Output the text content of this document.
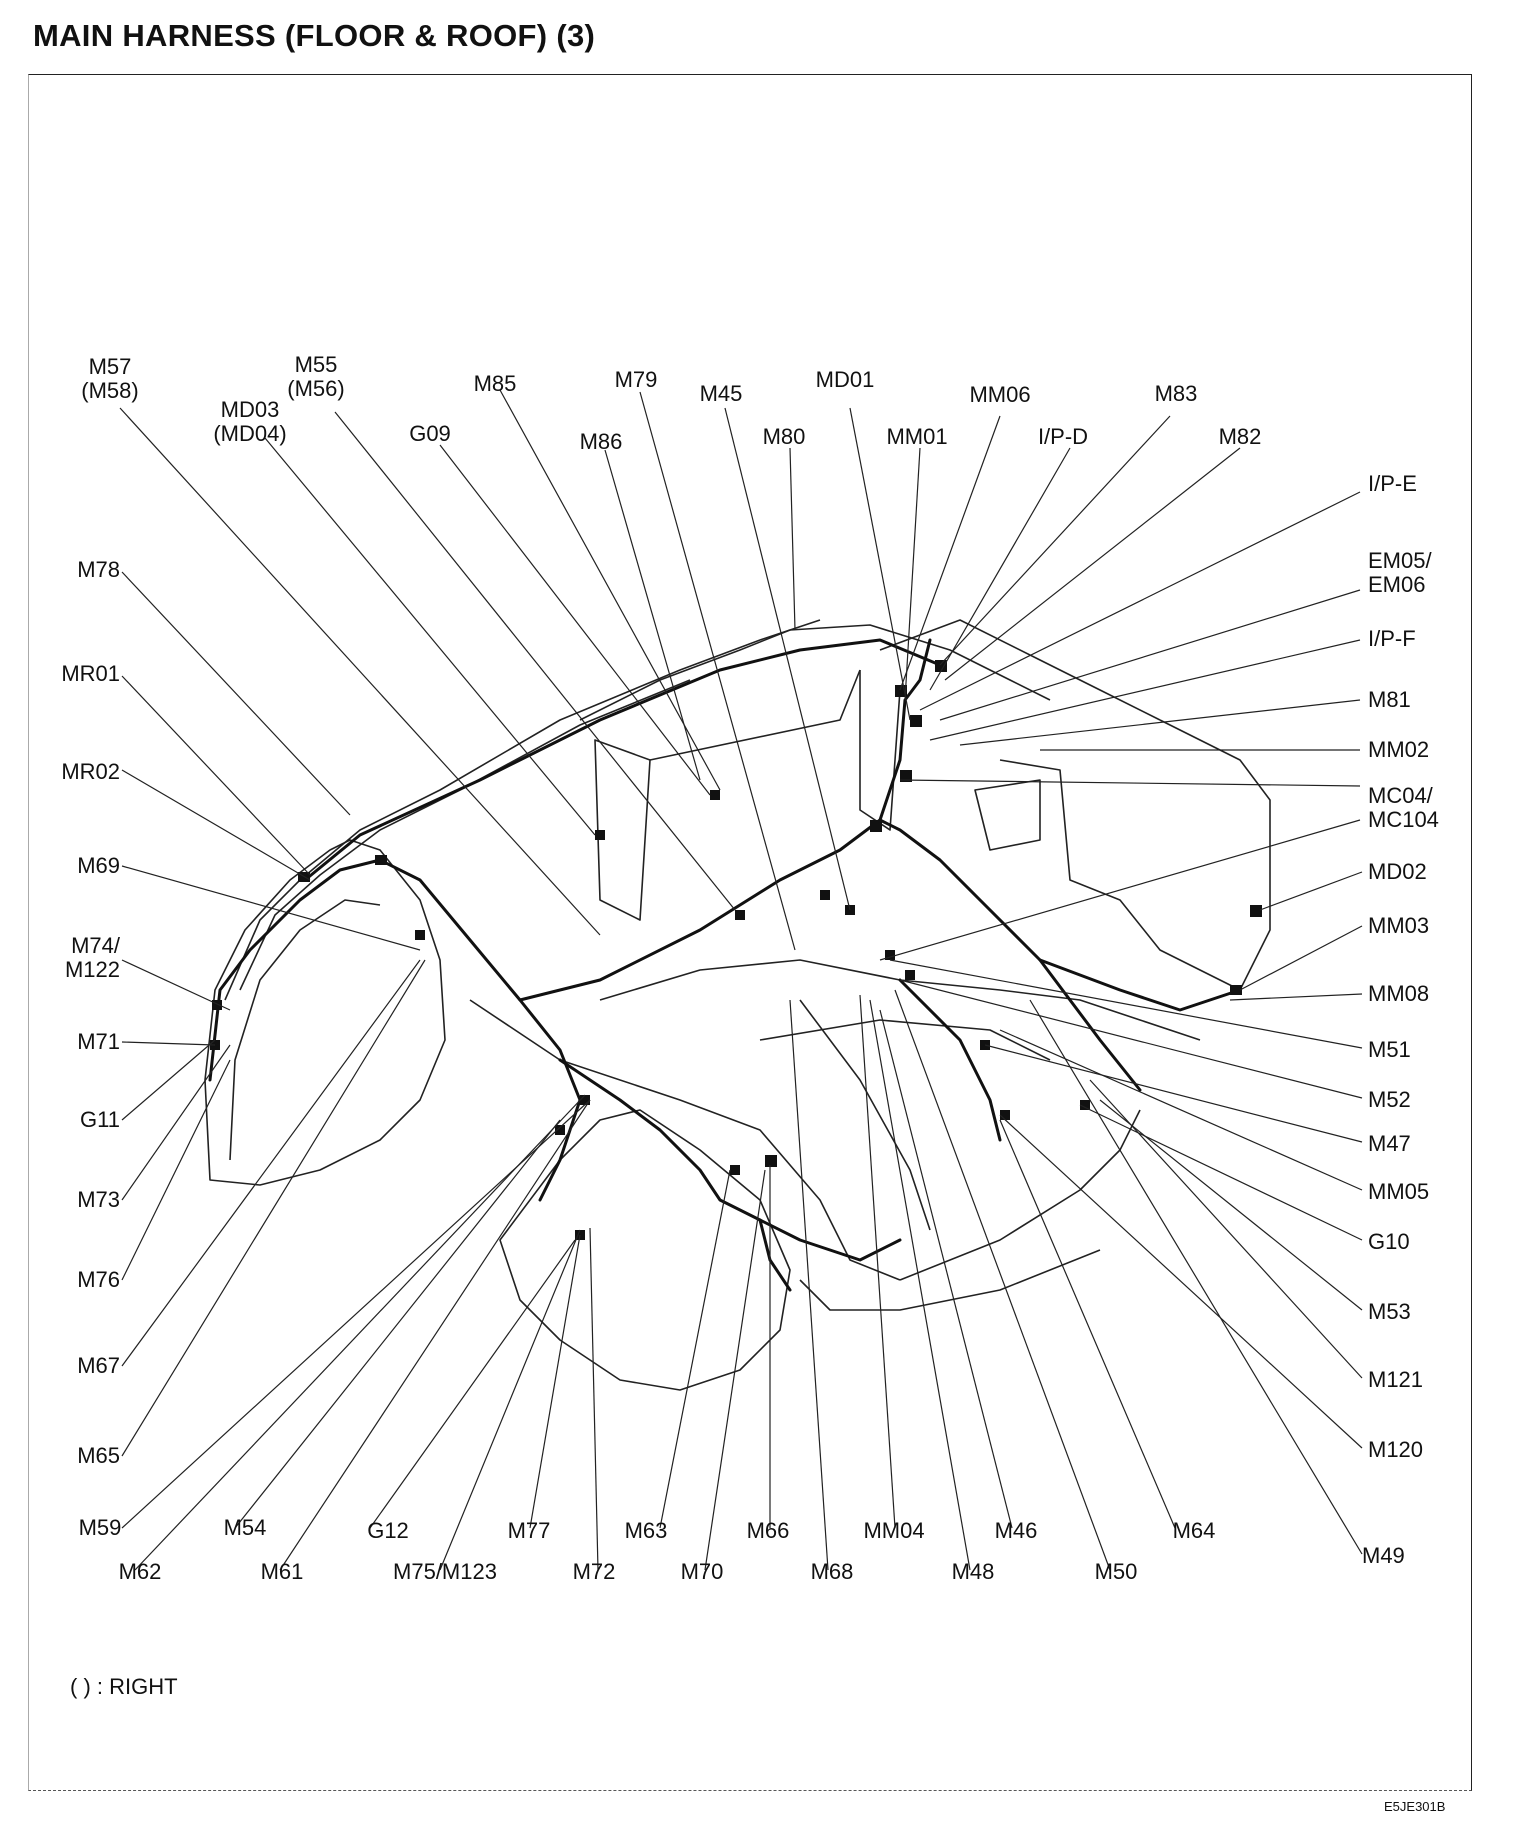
MAIN HARNESS (FLOOR & ROOF) (3)
M57
(M58)
M55
(M56)
MD03
(MD04)
M85	M79
M45
MD01
MM06	M83
G09	M86	M80	MM01	I/P-D	M82
I/P-E
EM05/
EM06
I/P-F
M81
MM02
MC04/
MC104
MD02
MM03
MM08
M51
M52
M47
MM05
G10
M53
M121
M120
M49
M78
MR01
MR02
M69
M74/
M122
M71
G11
M73
M76
M67
M65
M59	M54	G12	M77	M63	M66	MM04	M46	M64
M62	M61	M75/M123	M72	M70	M68	M48	M50
( ) : RIGHT
E5JE301B
